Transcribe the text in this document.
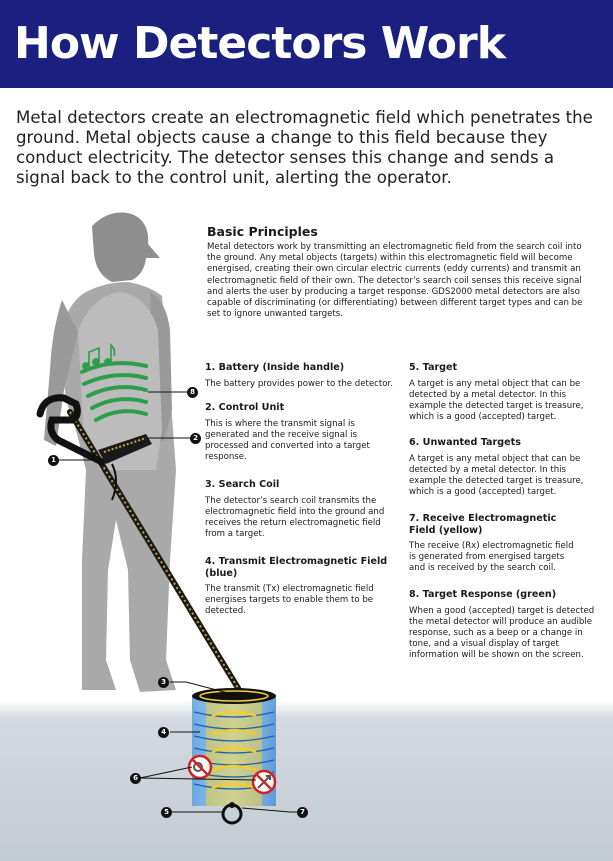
How Detectors Work

Metal detectors create an electromagnetic field which penetrates the ground. Metal objects cause a change to this field because they conduct electricity. The detector senses this change and sends a signal back to the control unit, alerting the operator.

1
2
3
4
5
6
7
8
Basic Principles

Metal detectors work by transmitting an electromagnetic field from the search coil into the ground. Any metal objects (targets) within this electromagnetic field will become energised, creating their own circular electric currents (eddy currents) and transmit an electromagnetic field of their own. The detector’s search coil senses this receive signal and alerts the user by producing a target response. GDS2000 metal detectors are also capable of discriminating (or differentiating) between different target types and can be set to ignore unwanted targets.

1. Battery (Inside handle)

The battery provides power to the detector.

2. Control Unit

This is where the transmit signal is generated and the receive signal is processed and converted into a target response.

3. Search Coil

The detector’s search coil transmits the electromagnetic field into the ground and receives the return electromagnetic field from a target.

4. Transmit Electromagnetic Field (blue)

The transmit (Tx) electromagnetic field energises targets to enable them to be detected.

5. Target

A target is any metal object that can be detected by a metal detector. In this example the detected target is treasure, which is a good (accepted) target.

6. Unwanted Targets

A target is any metal object that can be detected by a metal detector. In this example the detected target is treasure, which is a good (accepted) target.

7. Receive Electromagnetic Field (yellow)

The receive (Rx) electromagnetic field is generated from energised targets and is received by the search coil.

8. Target Response (green)

When a good (accepted) target is detected the metal detector will produce an audible response, such as a beep or a change in tone, and a visual display of target information will be shown on the screen.
